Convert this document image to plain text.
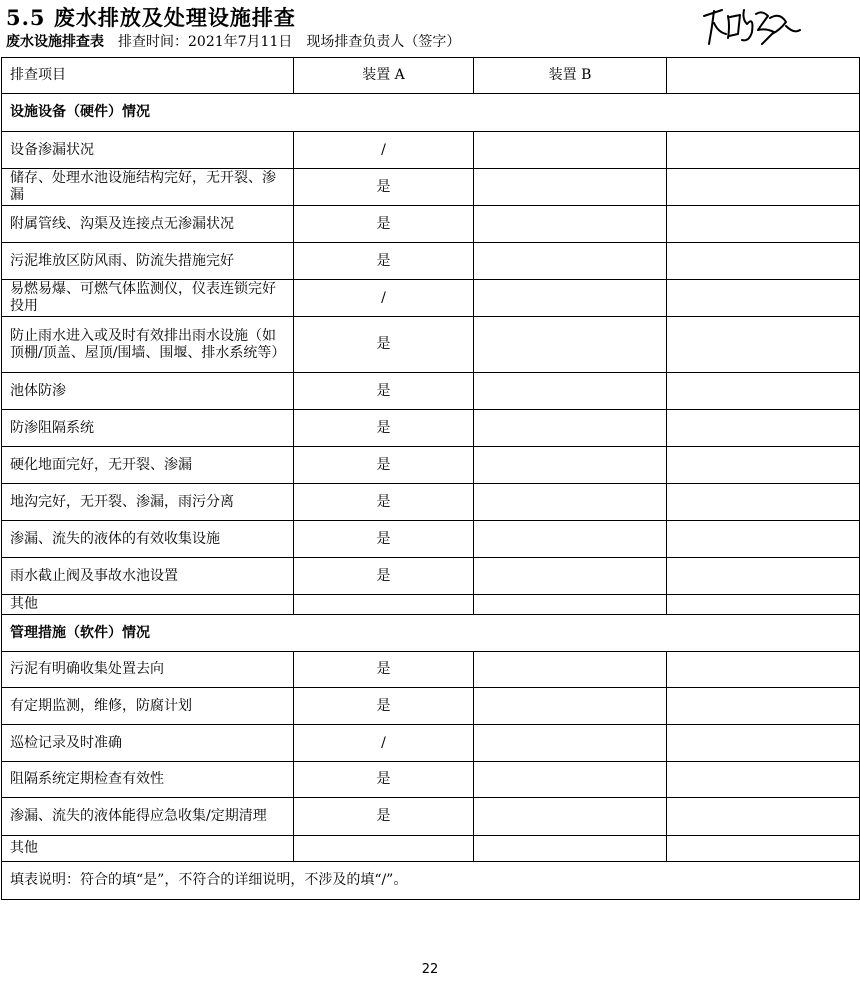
5.5 废水排放及处理设施排查
废水设施排查表 排查时间：2021年7月11日 现场排查负责人（签字）
排查项目	装置 A	装置 B	
设施设备（硬件）情况			
设备渗漏状况	/		
储存、处理水池设施结构完好，无开裂、渗漏	是		
附属管线、沟渠及连接点无渗漏状况	是		
污泥堆放区防风雨、防流失措施完好	是		
易燃易爆、可燃气体监测仪，仪表连锁完好投用	/		
防止雨水进入或及时有效排出雨水设施（如顶棚/顶盖、屋顶/围墙、围堰、排水系统等）	是		
池体防渗	是		
防渗阻隔系统	是		
硬化地面完好，无开裂、渗漏	是		
地沟完好，无开裂、渗漏，雨污分离	是		
渗漏、流失的液体的有效收集设施	是		
雨水截止阀及事故水池设置	是		
其他			
管理措施（软件）情况			
污泥有明确收集处置去向	是		
有定期监测，维修，防腐计划	是		
巡检记录及时准确	/		
阻隔系统定期检查有效性	是		
渗漏、流失的液体能得应急收集/定期清理	是		
其他			
填表说明：符合的填“是”，不符合的详细说明，不涉及的填“/”。			
22
